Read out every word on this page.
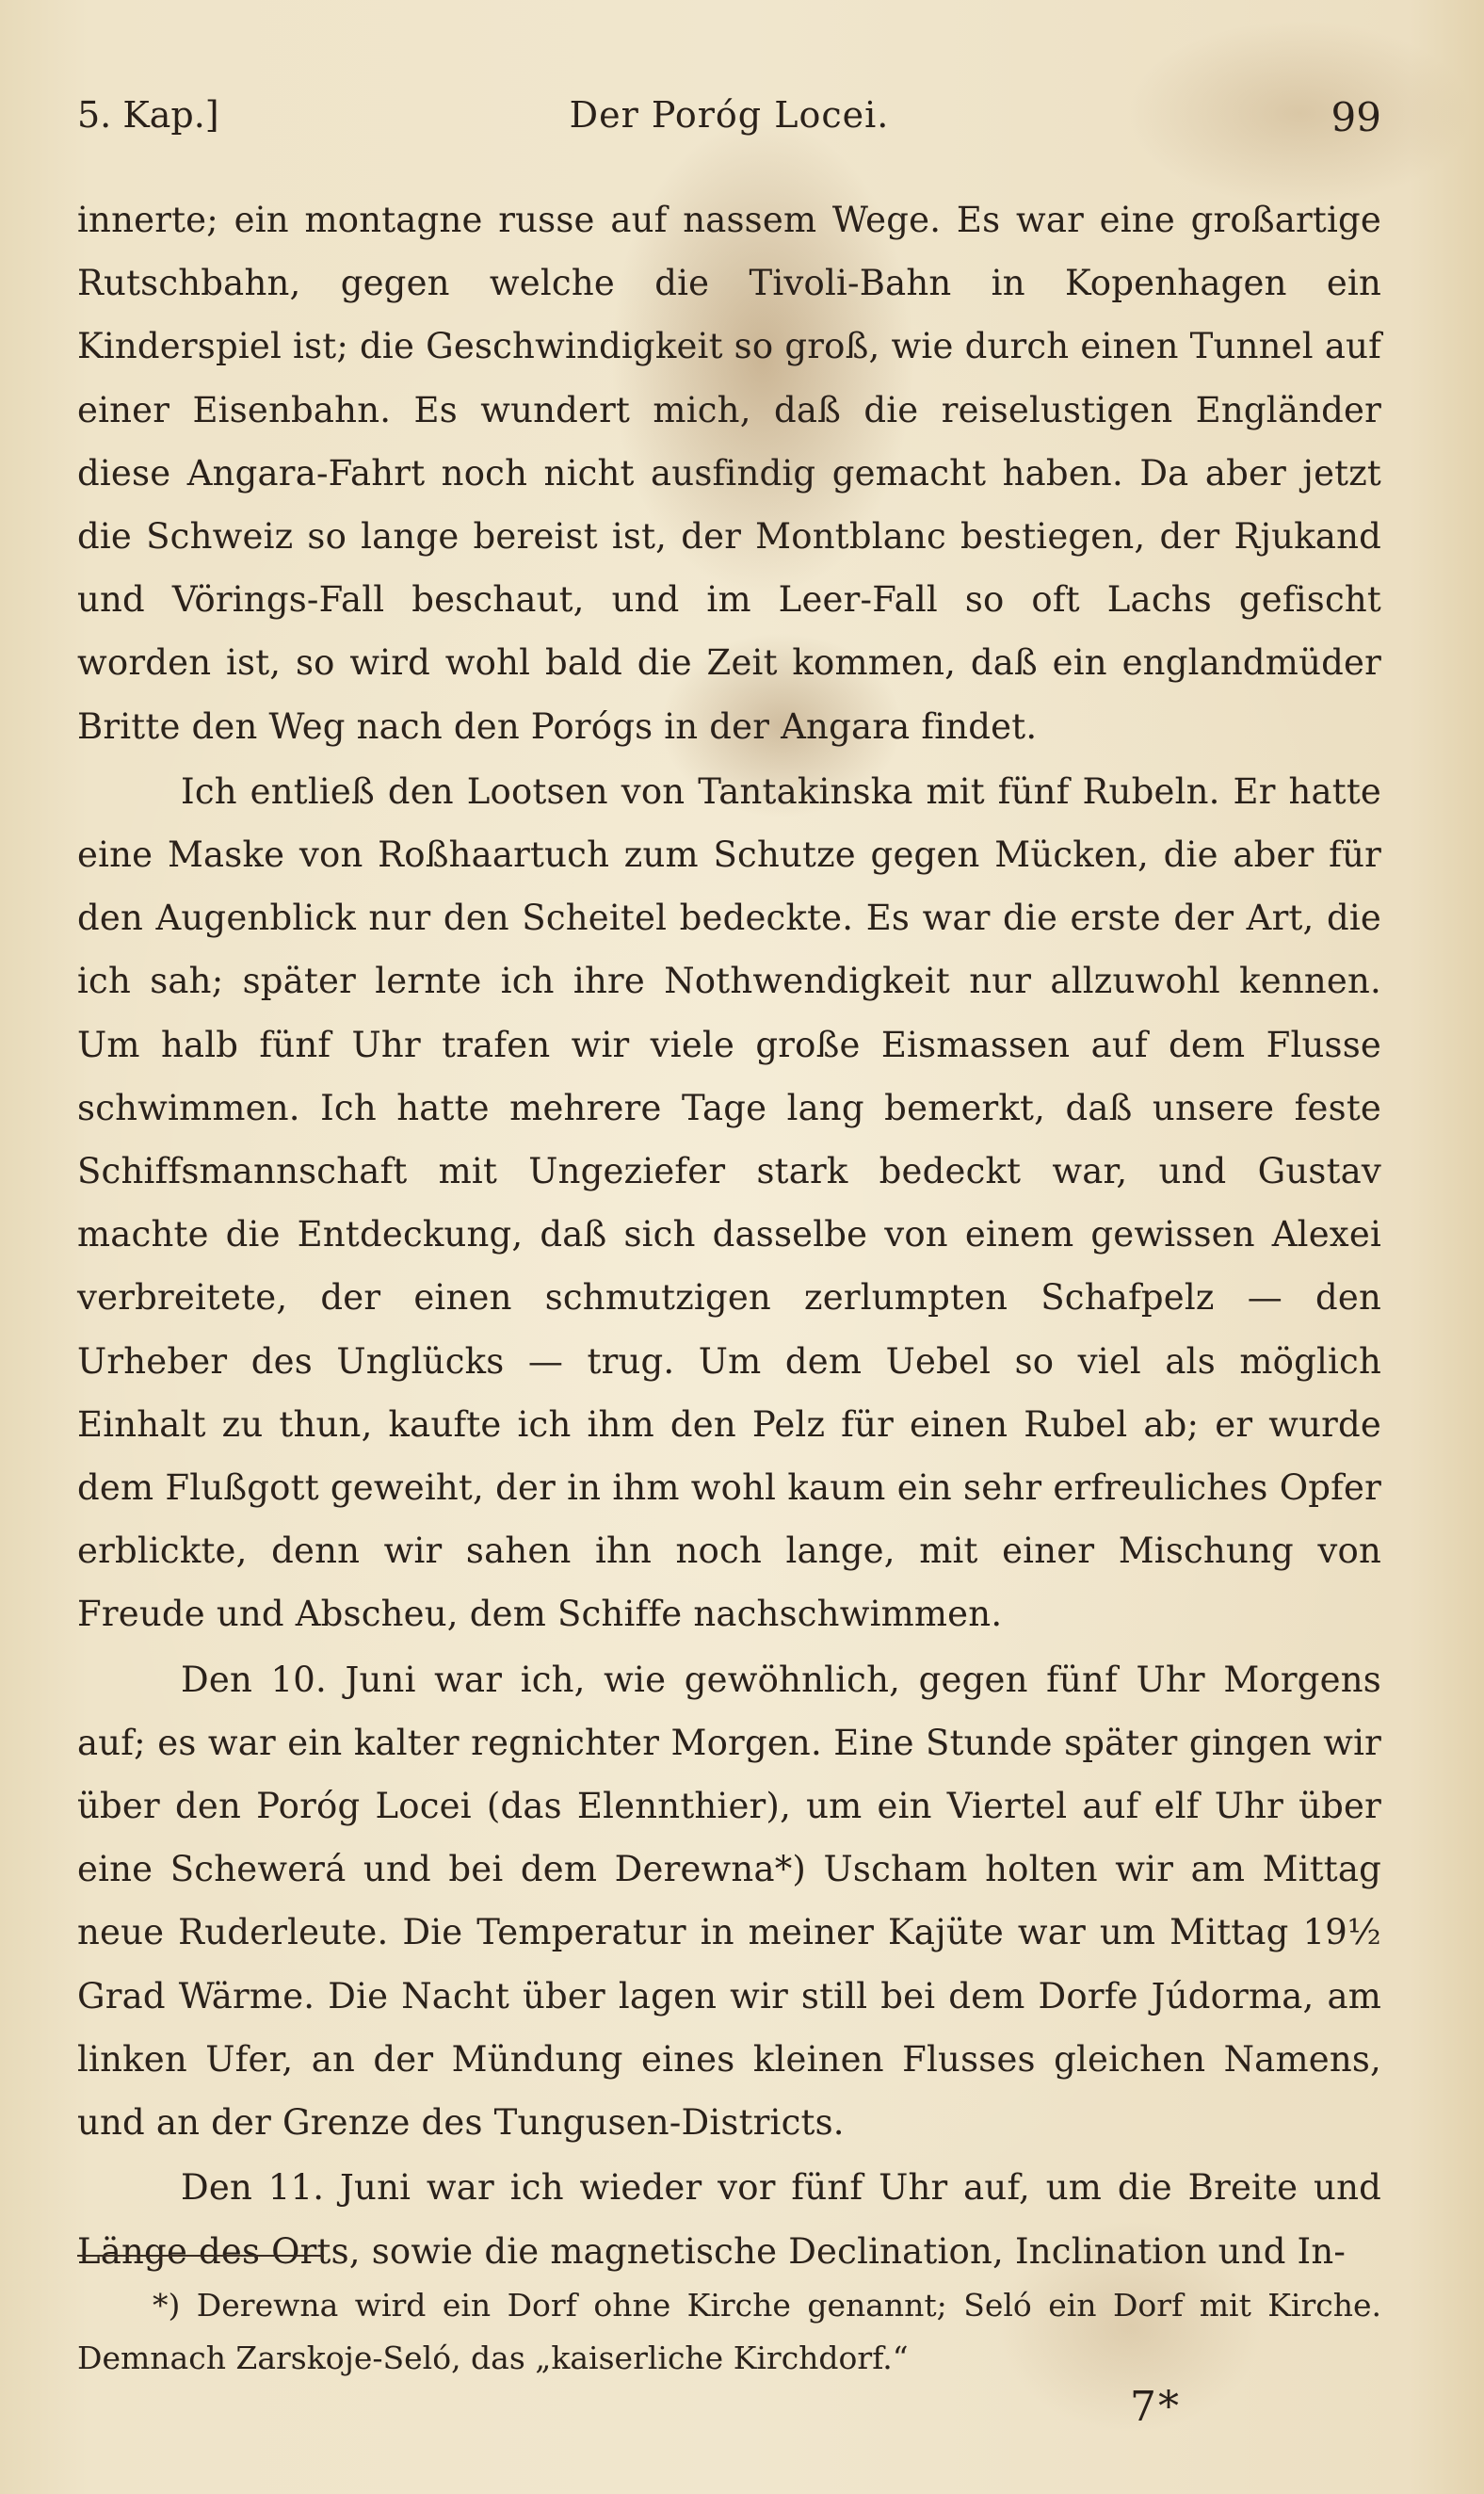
5. Kap.]	Der Poróg Locei.	99

innerte; ein montagne russe auf nassem Wege. Es war eine großartige Rutschbahn, gegen welche die Tivoli-Bahn in Kopenhagen ein Kinderspiel ist; die Geschwindigkeit so groß, wie durch einen Tunnel auf einer Eisenbahn. Es wundert mich, daß die reiselustigen Engländer diese Angara-Fahrt noch nicht ausfindig gemacht haben. Da aber jetzt die Schweiz so lange bereist ist, der Montblanc bestiegen, der Rjukand und Vörings-Fall beschaut, und im Leer-Fall so oft Lachs gefischt worden ist, so wird wohl bald die Zeit kommen, daß ein englandmüder Britte den Weg nach den Porógs in der Angara findet.

Ich entließ den Lootsen von Tantakinska mit fünf Rubeln. Er hatte eine Maske von Roßhaartuch zum Schutze gegen Mücken, die aber für den Augenblick nur den Scheitel bedeckte. Es war die erste der Art, die ich sah; später lernte ich ihre Nothwendigkeit nur allzuwohl kennen. Um halb fünf Uhr trafen wir viele große Eismassen auf dem Flusse schwimmen. Ich hatte mehrere Tage lang bemerkt, daß unsere feste Schiffsmannschaft mit Ungeziefer stark bedeckt war, und Gustav machte die Entdeckung, daß sich dasselbe von einem gewissen Alexei verbreitete, der einen schmutzigen zerlumpten Schafpelz — den Urheber des Unglücks — trug. Um dem Uebel so viel als möglich Einhalt zu thun, kaufte ich ihm den Pelz für einen Rubel ab; er wurde dem Flußgott geweiht, der in ihm wohl kaum ein sehr erfreuliches Opfer erblickte, denn wir sahen ihn noch lange, mit einer Mischung von Freude und Abscheu, dem Schiffe nachschwimmen.

Den 10. Juni war ich, wie gewöhnlich, gegen fünf Uhr Morgens auf; es war ein kalter regnichter Morgen. Eine Stunde später gingen wir über den Poróg Locei (das Elennthier), um ein Viertel auf elf Uhr über eine Schewerá und bei dem Derewna*) Uscham holten wir am Mittag neue Ruderleute. Die Temperatur in meiner Kajüte war um Mittag 19½ Grad Wärme. Die Nacht über lagen wir still bei dem Dorfe Júdorma, am linken Ufer, an der Mündung eines kleinen Flusses gleichen Namens, und an der Grenze des Tungusen-Districts.

Den 11. Juni war ich wieder vor fünf Uhr auf, um die Breite und Länge des Orts, sowie die magnetische Declination, Inclination und In-

*) Derewna wird ein Dorf ohne Kirche genannt; Seló ein Dorf mit Kirche. Demnach Zarskoje-Seló, das „kaiserliche Kirchdorf.“

7*
